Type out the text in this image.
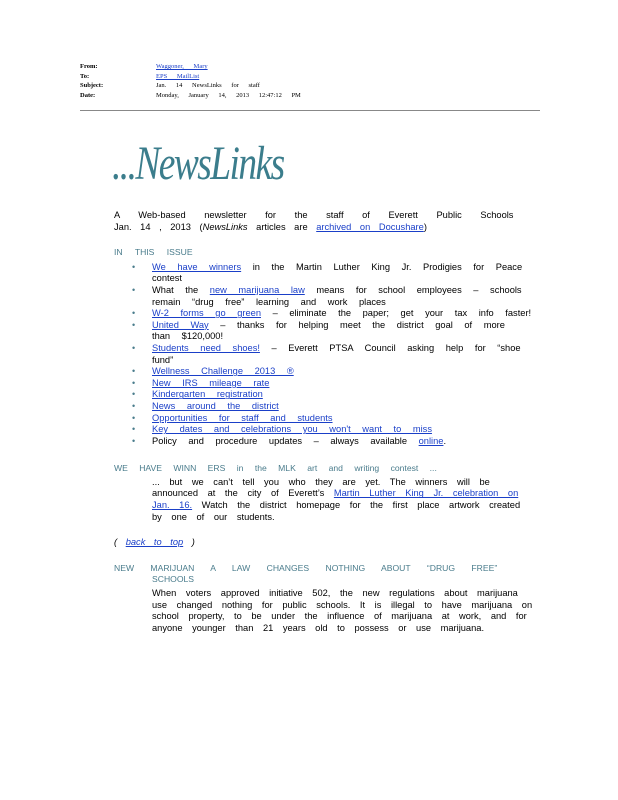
From:	Waggoner, Mary
To:	EPS MailList
Subject:	Jan. 14 NewsLinks for staff
Date:	Monday, January 14, 2013 12:47:12 PM
...NewsLinks
A Web-based newsletter for the staff of Everett Public Schools
Jan. 14 , 2013 (NewsLinks articles are archived on Docushare)
IN THIS ISSUE
• We have winners in the Martin Luther King Jr. Prodigies for Peace contest
• What the new marijuana law means for school employees – schools remain “drug free” learning and work places
• W-2 forms go green – eliminate the paper; get your tax info faster!
• United Way – thanks for helping meet the district goal of more than $120,000!
• Students need shoes! – Everett PTSA Council asking help for “shoe fund”
• Wellness Challenge 2013 ®
• New IRS mileage rate
• Kindergarten registration
• News around the district
• Opportunities for staff and students
• Key dates and celebrations you won't want to miss
• Policy and procedure updates – always available online.
WE HAVE WINN ERS in the MLK art and writing contest ...
... but we can’t tell you who they are yet. The winners will be announced at the city of Everett’s Martin Luther King Jr. celebration on Jan. 16. Watch the district homepage for the first place artwork created by one of our students.
( back to top )
NEW MARIJUAN A LAW CHANGES NOTHING ABOUT “DRUG FREE”
SCHOOLS
When voters approved initiative 502, the new regulations about marijuana use changed nothing for public schools. It is illegal to have marijuana on school property, to be under the influence of marijuana at work, and for anyone younger than 21 years old to possess or use marijuana.
